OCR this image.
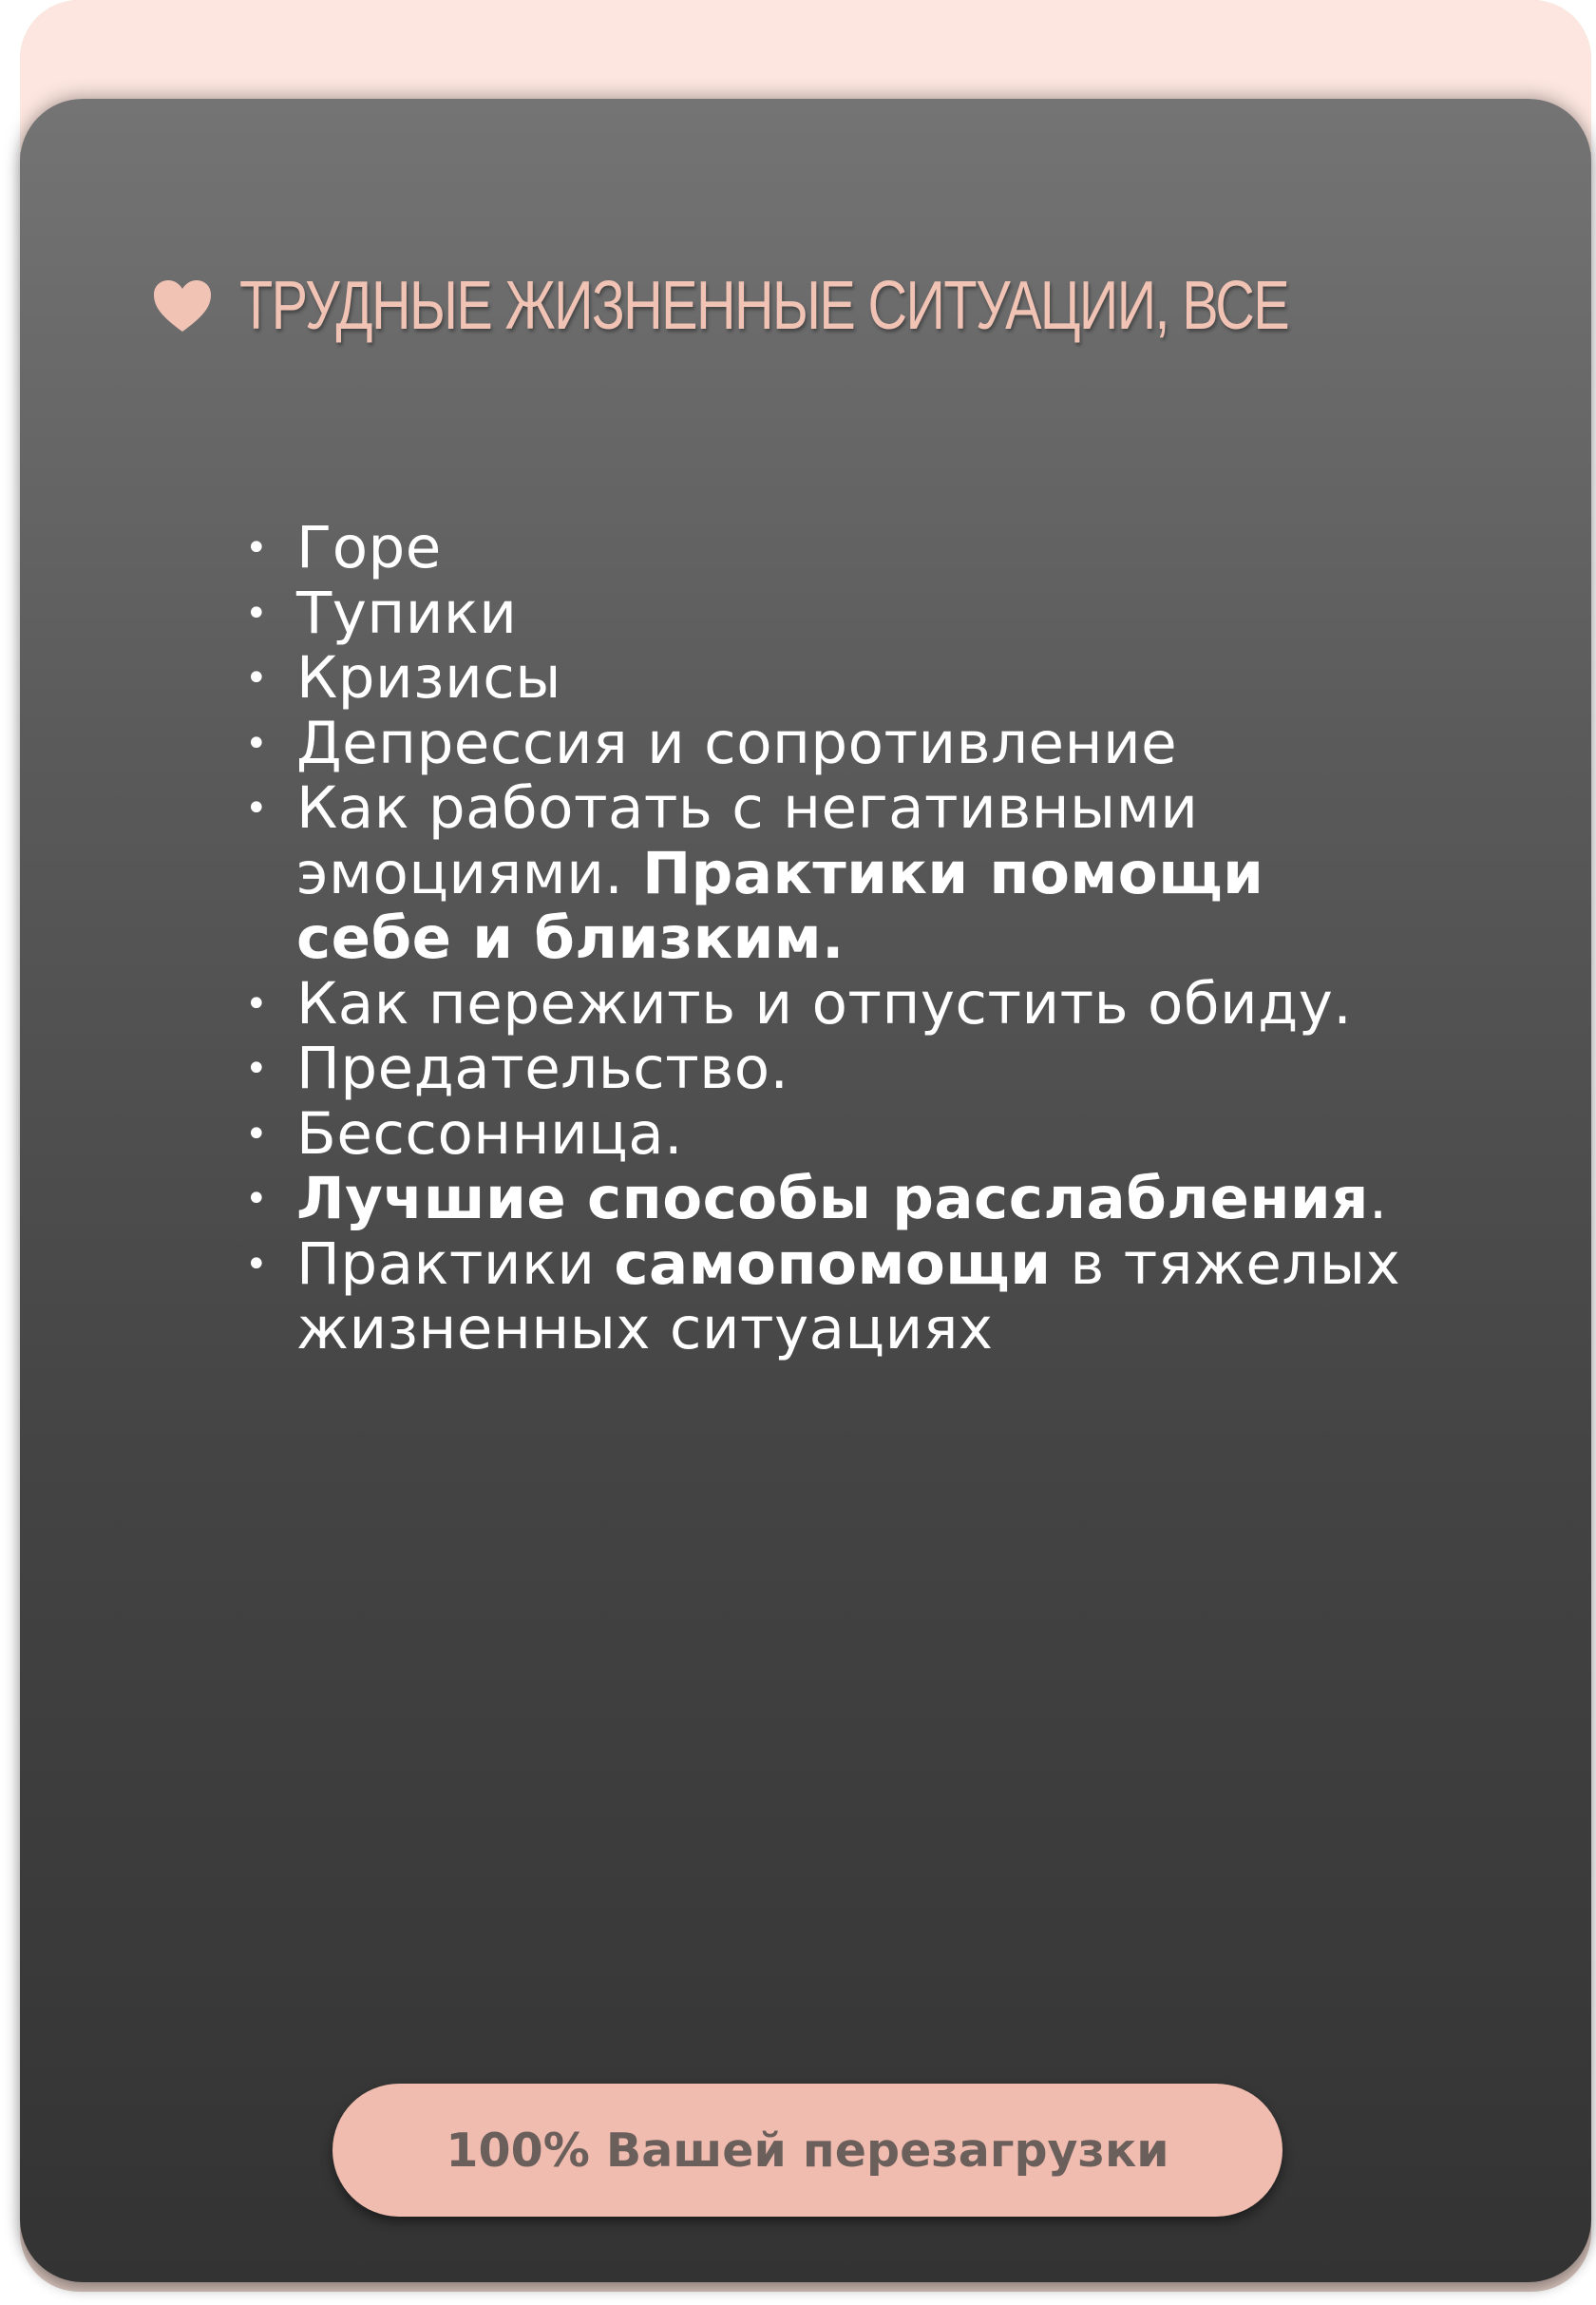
ТРУДНЫЕ ЖИЗНЕННЫЕ СИТУАЦИИ, ВСЕ
• Горе
• Тупики
• Кризисы
• Депрессия и сопротивление
• Как работать с негативными
эмоциями. Практики помощи
себе и близким.
• Как пережить и отпустить обиду.
• Предательство.
• Бессонница.
• Лучшие способы расслабления.
• Практики самопомощи в тяжелых
жизненных ситуациях
100% Вашей перезагрузки
